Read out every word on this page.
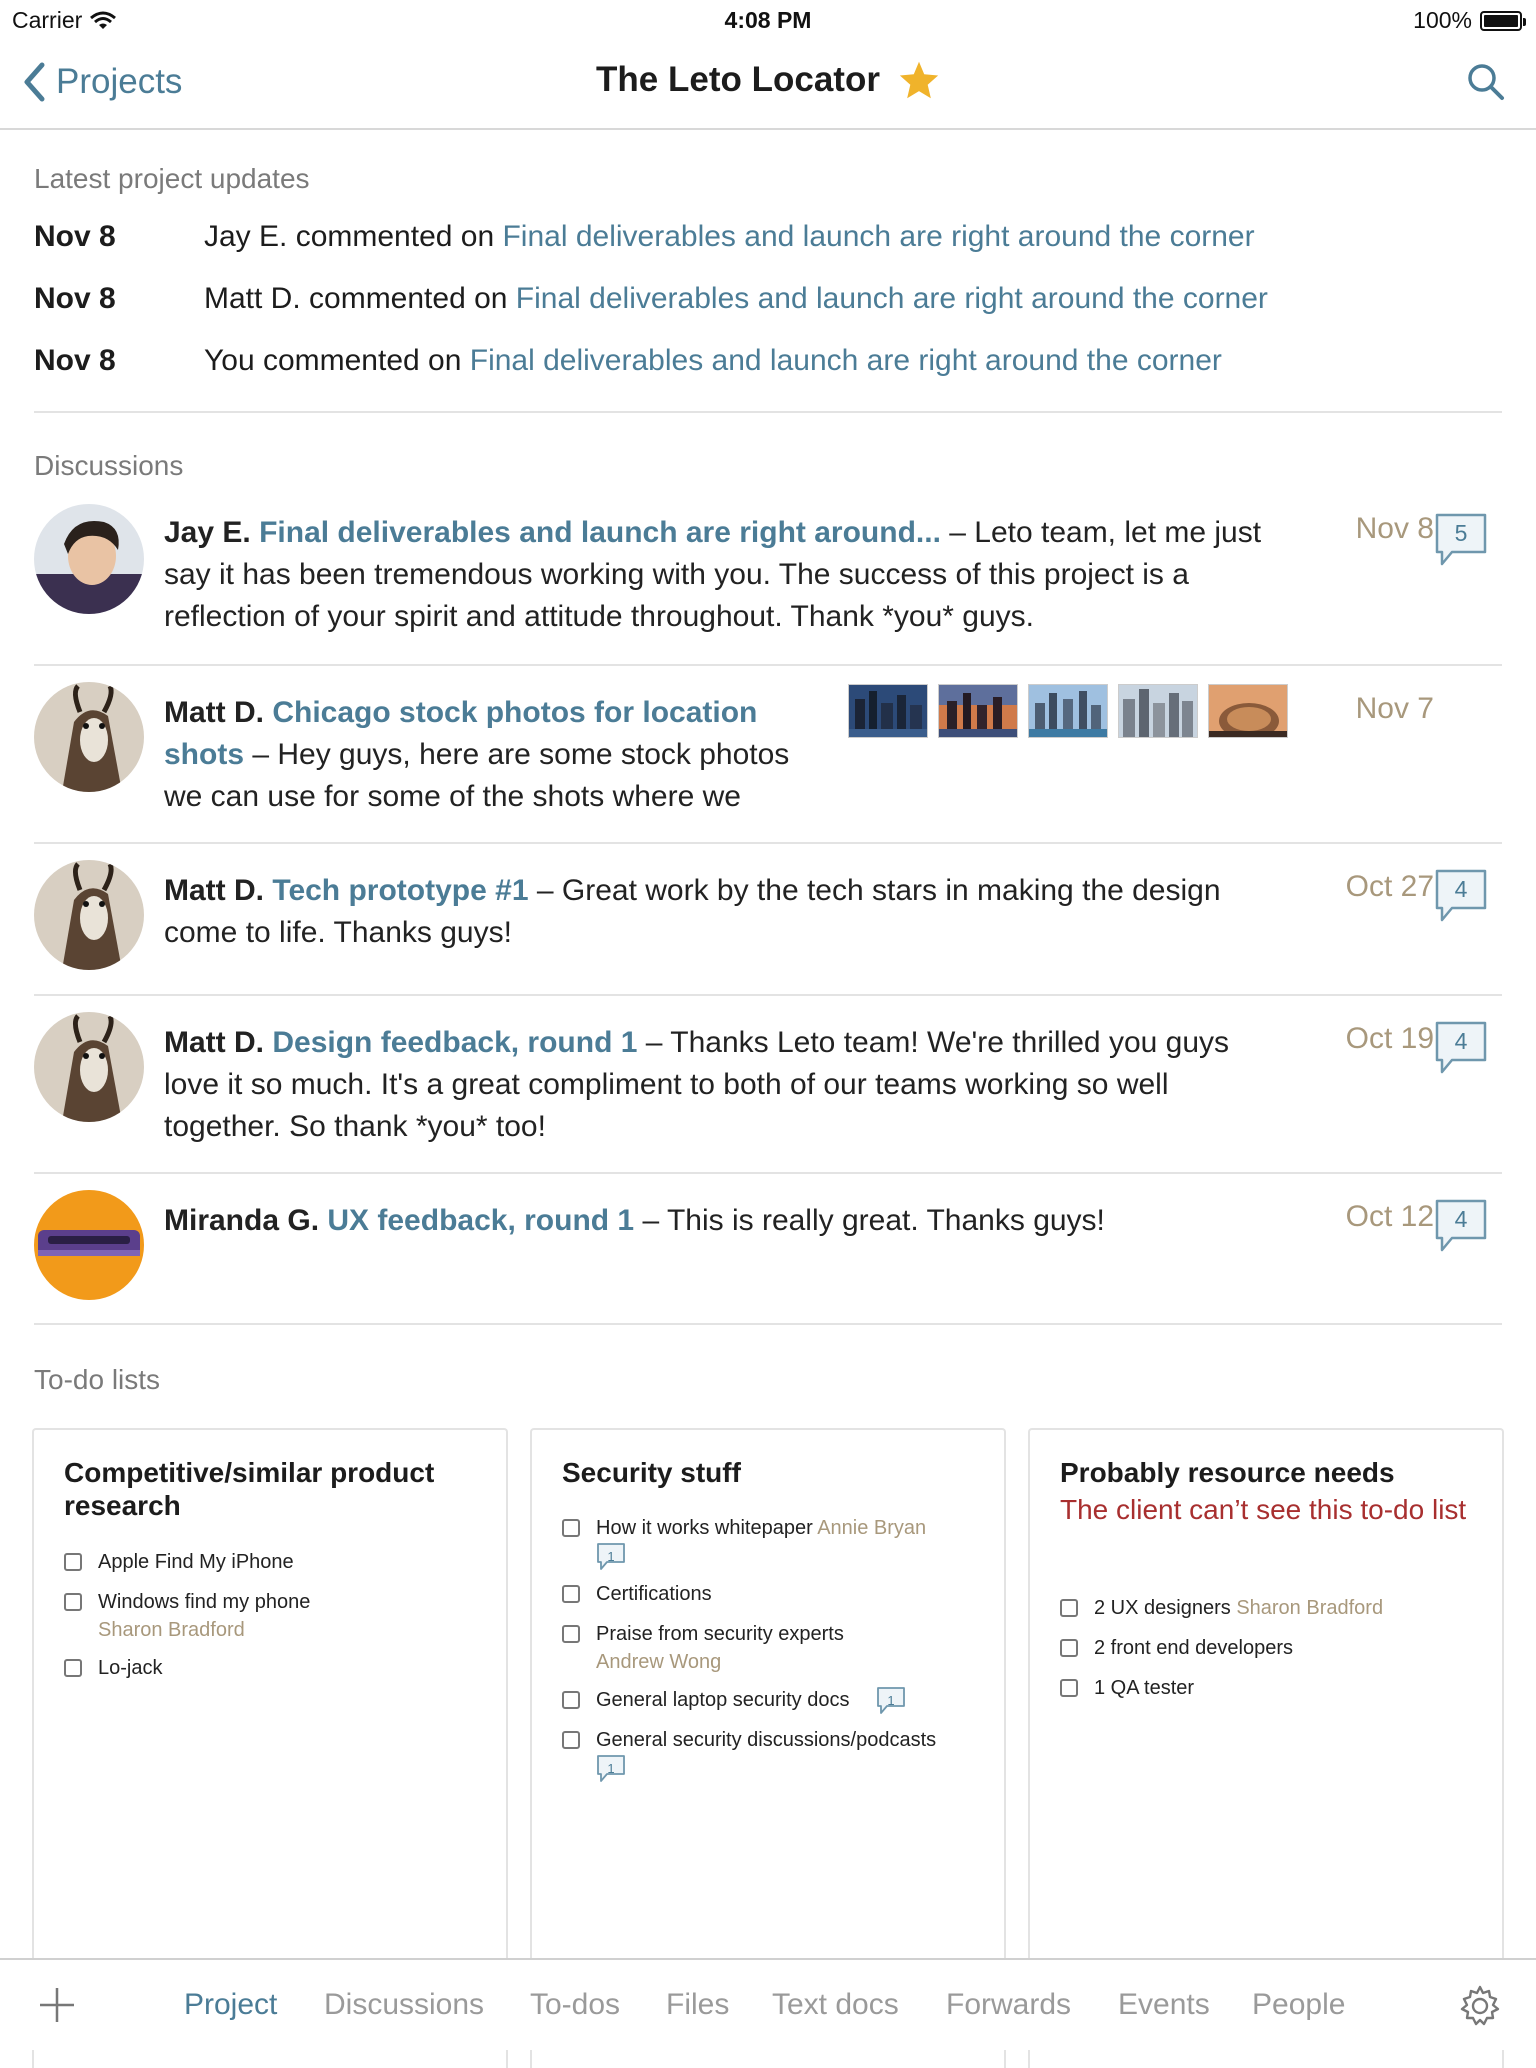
Carrier	4:08 PM	100%
Projects	The Leto Locator
Latest project updates
Nov 8	Jay E. commented on Final deliverables and launch are right around the corner
Nov 8	Matt D. commented on Final deliverables and launch are right around the corner
Nov 8	You commented on Final deliverables and launch are right around the corner
Discussions
Jay E. Final deliverables and launch are right around... – Leto team, let me just
say it has been tremendous working with you. The success of this project is a
reflection of your spirit and attitude throughout. Thank *you* guys.
Nov 8 5
Matt D. Chicago stock photos for location
shots – Hey guys, here are some stock photos
we can use for some of the shots where we
Nov 7
Matt D. Tech prototype #1 – Great work by the tech stars in making the design
come to life. Thanks guys!
Oct 27 4
Matt D. Design feedback, round 1 – Thanks Leto team! We're thrilled you guys
love it so much. It's a great compliment to both of our teams working so well
together. So thank *you* too!
Oct 19 4
Miranda G. UX feedback, round 1 – This is really great. Thanks guys!	Oct 12 4
To-do lists
Competitive/similar product research
Apple Find My iPhone
Windows find my phone
Sharon Bradford
Lo-jack
Security stuff
How it works whitepaper Annie Bryan
1
Certifications
Praise from security experts
Andrew Wong
General laptop security docs	1
General security discussions/podcasts
1
Probably resource needs
The client can’t see this to-do list
2 UX designers Sharon Bradford
2 front end developers
1 QA tester
Project Discussions To-dos Files Text docs Forwards Events People
